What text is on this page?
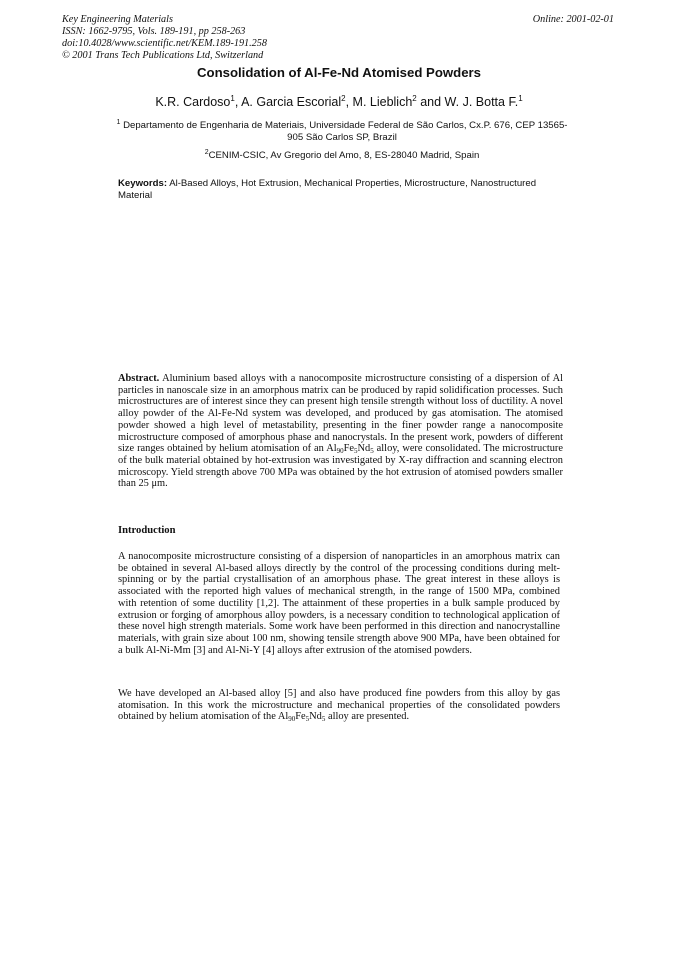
Key Engineering Materials
ISSN: 1662-9795, Vols. 189-191, pp 258-263
doi:10.4028/www.scientific.net/KEM.189-191.258
© 2001 Trans Tech Publications Ltd, Switzerland
Online: 2001-02-01
Consolidation of Al-Fe-Nd Atomised Powders
K.R. Cardoso$^1$, A. Garcia Escorial$^2$, M. Lieblich$^2$ and W. J. Botta F.$^1$
$^1$ Departamento de Engenharia de Materiais, Universidade Federal de São Carlos, Cx.P. 676, CEP 13565-905 São Carlos SP, Brazil
$^2$CENIM-CSIC, Av Gregorio del Amo, 8, ES-28040 Madrid, Spain
Keywords: Al-Based Alloys, Hot Extrusion, Mechanical Properties, Microstructure, Nanostructured Material
Abstract. Aluminium based alloys with a nanocomposite microstructure consisting of a dispersion of Al particles in nanoscale size in an amorphous matrix can be produced by rapid solidification processes. Such microstructures are of interest since they can present high tensile strength without loss of ductility. A novel alloy powder of the Al-Fe-Nd system was developed, and produced by gas atomisation. The atomised powder showed a high level of metastability, presenting in the finer powder range a nanocomposite microstructure composed of amorphous phase and nanocrystals. In the present work, powders of different size ranges obtained by helium atomisation of an $Al_{90}Fe_5Nd_5$ alloy, were consolidated. The microstructure of the bulk material obtained by hot-extrusion was investigated by X-ray diffraction and scanning electron microscopy. Yield strength above 700 MPa was obtained by the hot extrusion of atomised powders smaller than 25 μm.
Introduction
A nanocomposite microstructure consisting of a dispersion of nanoparticles in an amorphous matrix can be obtained in several Al-based alloys directly by the control of the processing conditions during melt-spinning or by the partial crystallisation of an amorphous phase. The great interest in these alloys is associated with the reported high values of mechanical strength, in the range of 1500 MPa, combined with retention of some ductility [1,2]. The attainment of these properties in a bulk sample produced by extrusion or forging of amorphous alloy powders, is a necessary condition to technological application of these novel high strength materials. Some work have been performed in this direction and nanocrystalline materials, with grain size about 100 nm, showing tensile strength above 900 MPa, have been obtained for a bulk Al-Ni-Mm [3] and Al-Ni-Y [4] alloys after extrusion of the atomised powders.
We have developed an Al-based alloy [5] and also have produced fine powders from this alloy by gas atomisation. In this work the microstructure and mechanical properties of the consolidated powders obtained by helium atomisation of the $Al_{90}Fe_5Nd_5$ alloy are presented.
